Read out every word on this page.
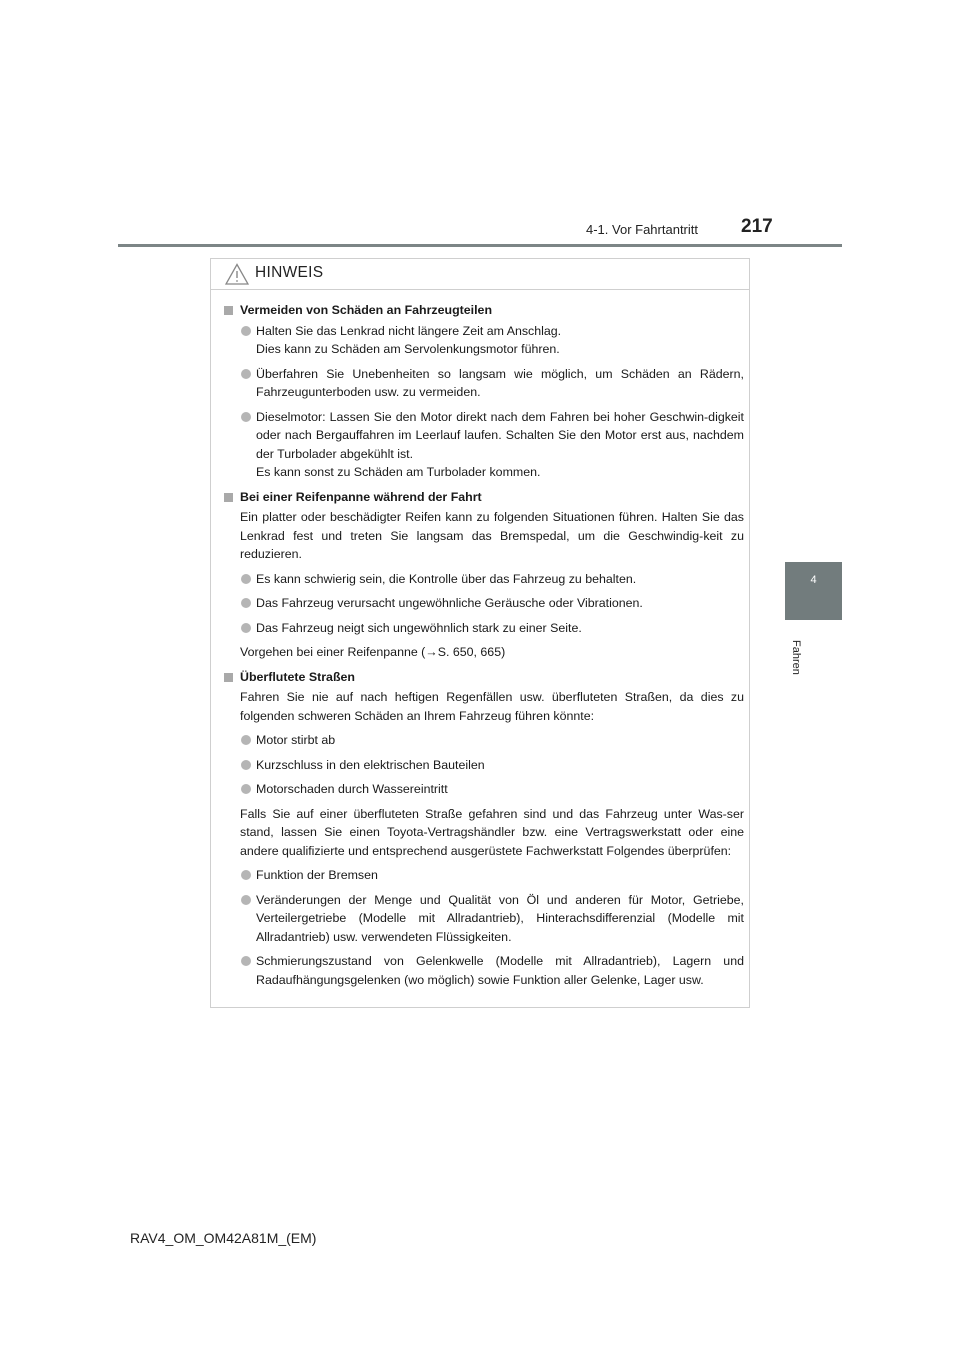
4-1. Vor Fahrtantritt 217
4
Fahren
HINWEIS
Vermeiden von Schäden an Fahrzeugteilen
Halten Sie das Lenkrad nicht längere Zeit am Anschlag.
Dies kann zu Schäden am Servolenkungsmotor führen.
Überfahren Sie Unebenheiten so langsam wie möglich, um Schäden an Rädern, Fahrzeugunterboden usw. zu vermeiden.
Dieselmotor: Lassen Sie den Motor direkt nach dem Fahren bei hoher Geschwin-digkeit oder nach Bergauffahren im Leerlauf laufen. Schalten Sie den Motor erst aus, nachdem der Turbolader abgekühlt ist.
Es kann sonst zu Schäden am Turbolader kommen.
Bei einer Reifenpanne während der Fahrt
Ein platter oder beschädigter Reifen kann zu folgenden Situationen führen. Halten Sie das Lenkrad fest und treten Sie langsam das Bremspedal, um die Geschwindig-keit zu reduzieren.
Es kann schwierig sein, die Kontrolle über das Fahrzeug zu behalten.
Das Fahrzeug verursacht ungewöhnliche Geräusche oder Vibrationen.
Das Fahrzeug neigt sich ungewöhnlich stark zu einer Seite.
Vorgehen bei einer Reifenpanne (→S. 650, 665)
Überflutete Straßen
Fahren Sie nie auf nach heftigen Regenfällen usw. überfluteten Straßen, da dies zu folgenden schweren Schäden an Ihrem Fahrzeug führen könnte:
Motor stirbt ab
Kurzschluss in den elektrischen Bauteilen
Motorschaden durch Wassereintritt
Falls Sie auf einer überfluteten Straße gefahren sind und das Fahrzeug unter Was-ser stand, lassen Sie einen Toyota-Vertragshändler bzw. eine Vertragswerkstatt oder eine andere qualifizierte und entsprechend ausgerüstete Fachwerkstatt Folgendes überprüfen:
Funktion der Bremsen
Veränderungen der Menge und Qualität von Öl und anderen für Motor, Getriebe, Verteilergetriebe (Modelle mit Allradantrieb), Hinterachsdifferenzial (Modelle mit Allradantrieb) usw. verwendeten Flüssigkeiten.
Schmierungszustand von Gelenkwelle (Modelle mit Allradantrieb), Lagern und Radaufhängungsgelenken (wo möglich) sowie Funktion aller Gelenke, Lager usw.
RAV4_OM_OM42A81M_(EM)
